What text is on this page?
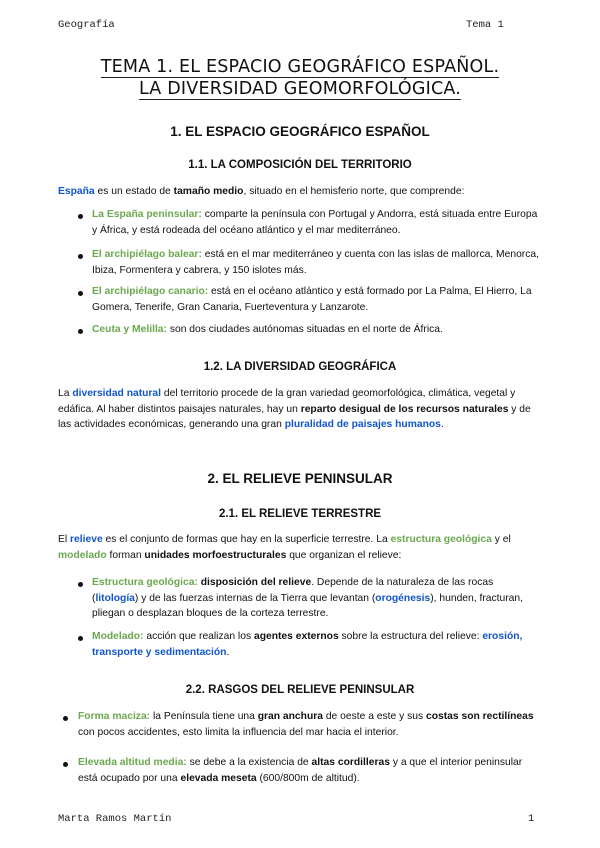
Geografía	Tema 1
TEMA 1. EL ESPACIO GEOGRÁFICO ESPAÑOL.
LA DIVERSIDAD GEOMORFOLÓGICA.
1. EL ESPACIO GEOGRÁFICO ESPAÑOL
1.1. LA COMPOSICIÓN DEL TERRITORIO
España es un estado de tamaño medio, situado en el hemisferio norte, que comprende:
La España peninsular: comparte la península con Portugal y Andorra, está situada entre Europa y África, y está rodeada del océano atlántico y el mar mediterráneo.
El archipiélago balear: está en el mar mediterráneo y cuenta con las islas de mallorca, Menorca, Ibiza, Formentera y cabrera, y 150 islotes más.
El archipiélago canario: está en el océano atlántico y está formado por La Palma, El Hierro, La Gomera, Tenerife, Gran Canaria, Fuerteventura y Lanzarote.
Ceuta y Melilla: son dos ciudades autónomas situadas en el norte de África.
1.2. LA DIVERSIDAD GEOGRÁFICA
La diversidad natural del territorio procede de la gran variedad geomorfológica, climática, vegetal y edáfica. Al haber distintos paisajes naturales, hay un reparto desigual de los recursos naturales y de las actividades económicas, generando una gran pluralidad de paisajes humanos.
2. EL RELIEVE PENINSULAR
2.1. EL RELIEVE TERRESTRE
El relieve es el conjunto de formas que hay en la superficie terrestre. La estructura geológica y el modelado forman unidades morfoestructurales que organizan el relieve:
Estructura geológica: disposición del relieve. Depende de la naturaleza de las rocas (litología) y de las fuerzas internas de la Tierra que levantan (orogénesis), hunden, fracturan, pliegan o desplazan bloques de la corteza terrestre.
Modelado: acción que realizan los agentes externos sobre la estructura del relieve: erosión, transporte y sedimentación.
2.2. RASGOS DEL RELIEVE PENINSULAR
Forma maciza: la Península tiene una gran anchura de oeste a este y sus costas son rectilíneas con pocos accidentes, esto limita la influencia del mar hacia el interior.
Elevada altitud media: se debe a la existencia de altas cordilleras y a que el interior peninsular está ocupado por una elevada meseta (600/800m de altitud).
Marta Ramos Martín	1
